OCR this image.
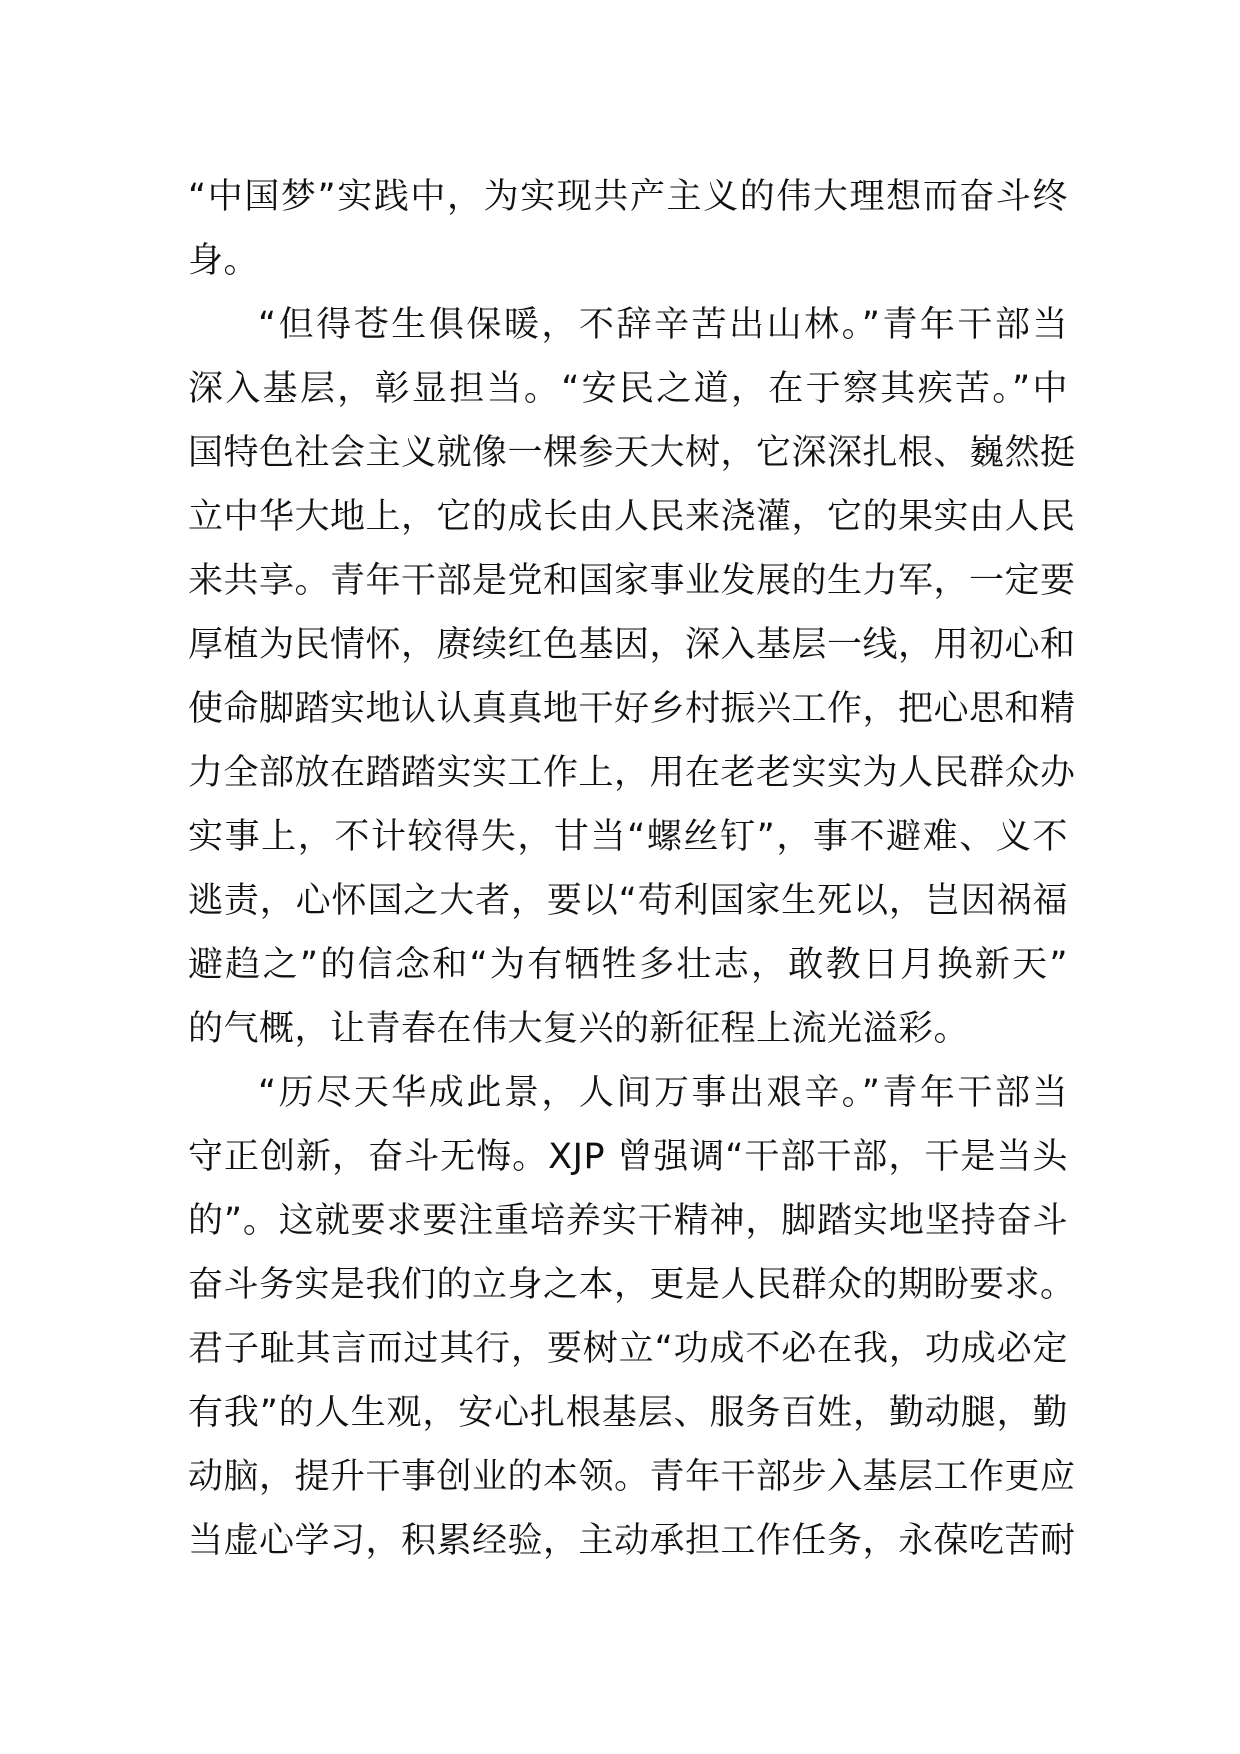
“中国梦”实践中，为实现共产主义的伟大理想而奋斗终
身。
“但得苍生俱保暖，不辞辛苦出山林。”青年干部当
深入基层，彰显担当。“安民之道，在于察其疾苦。”中
国特色社会主义就像一棵参天大树，它深深扎根、巍然挺
立中华大地上，它的成长由人民来浇灌，它的果实由人民
来共享。青年干部是党和国家事业发展的生力军，一定要
厚植为民情怀，赓续红色基因，深入基层一线，用初心和
使命脚踏实地认认真真地干好乡村振兴工作，把心思和精
力全部放在踏踏实实工作上，用在老老实实为人民群众办
实事上，不计较得失，甘当“螺丝钉”，事不避难、义不
逃责，心怀国之大者，要以“苟利国家生死以，岂因祸福
避趋之”的信念和“为有牺牲多壮志，敢教日月换新天”
的气概，让青春在伟大复兴的新征程上流光溢彩。
“历尽天华成此景，人间万事出艰辛。”青年干部当
守正创新，奋斗无悔。XJP 曾强调“干部干部，干是当头
的”。这就要求要注重培养实干精神，脚踏实地坚持奋斗
奋斗务实是我们的立身之本，更是人民群众的期盼要求。
君子耻其言而过其行，要树立“功成不必在我，功成必定
有我”的人生观，安心扎根基层、服务百姓，勤动腿，勤
动脑，提升干事创业的本领。青年干部步入基层工作更应
当虚心学习，积累经验，主动承担工作任务，永葆吃苦耐
